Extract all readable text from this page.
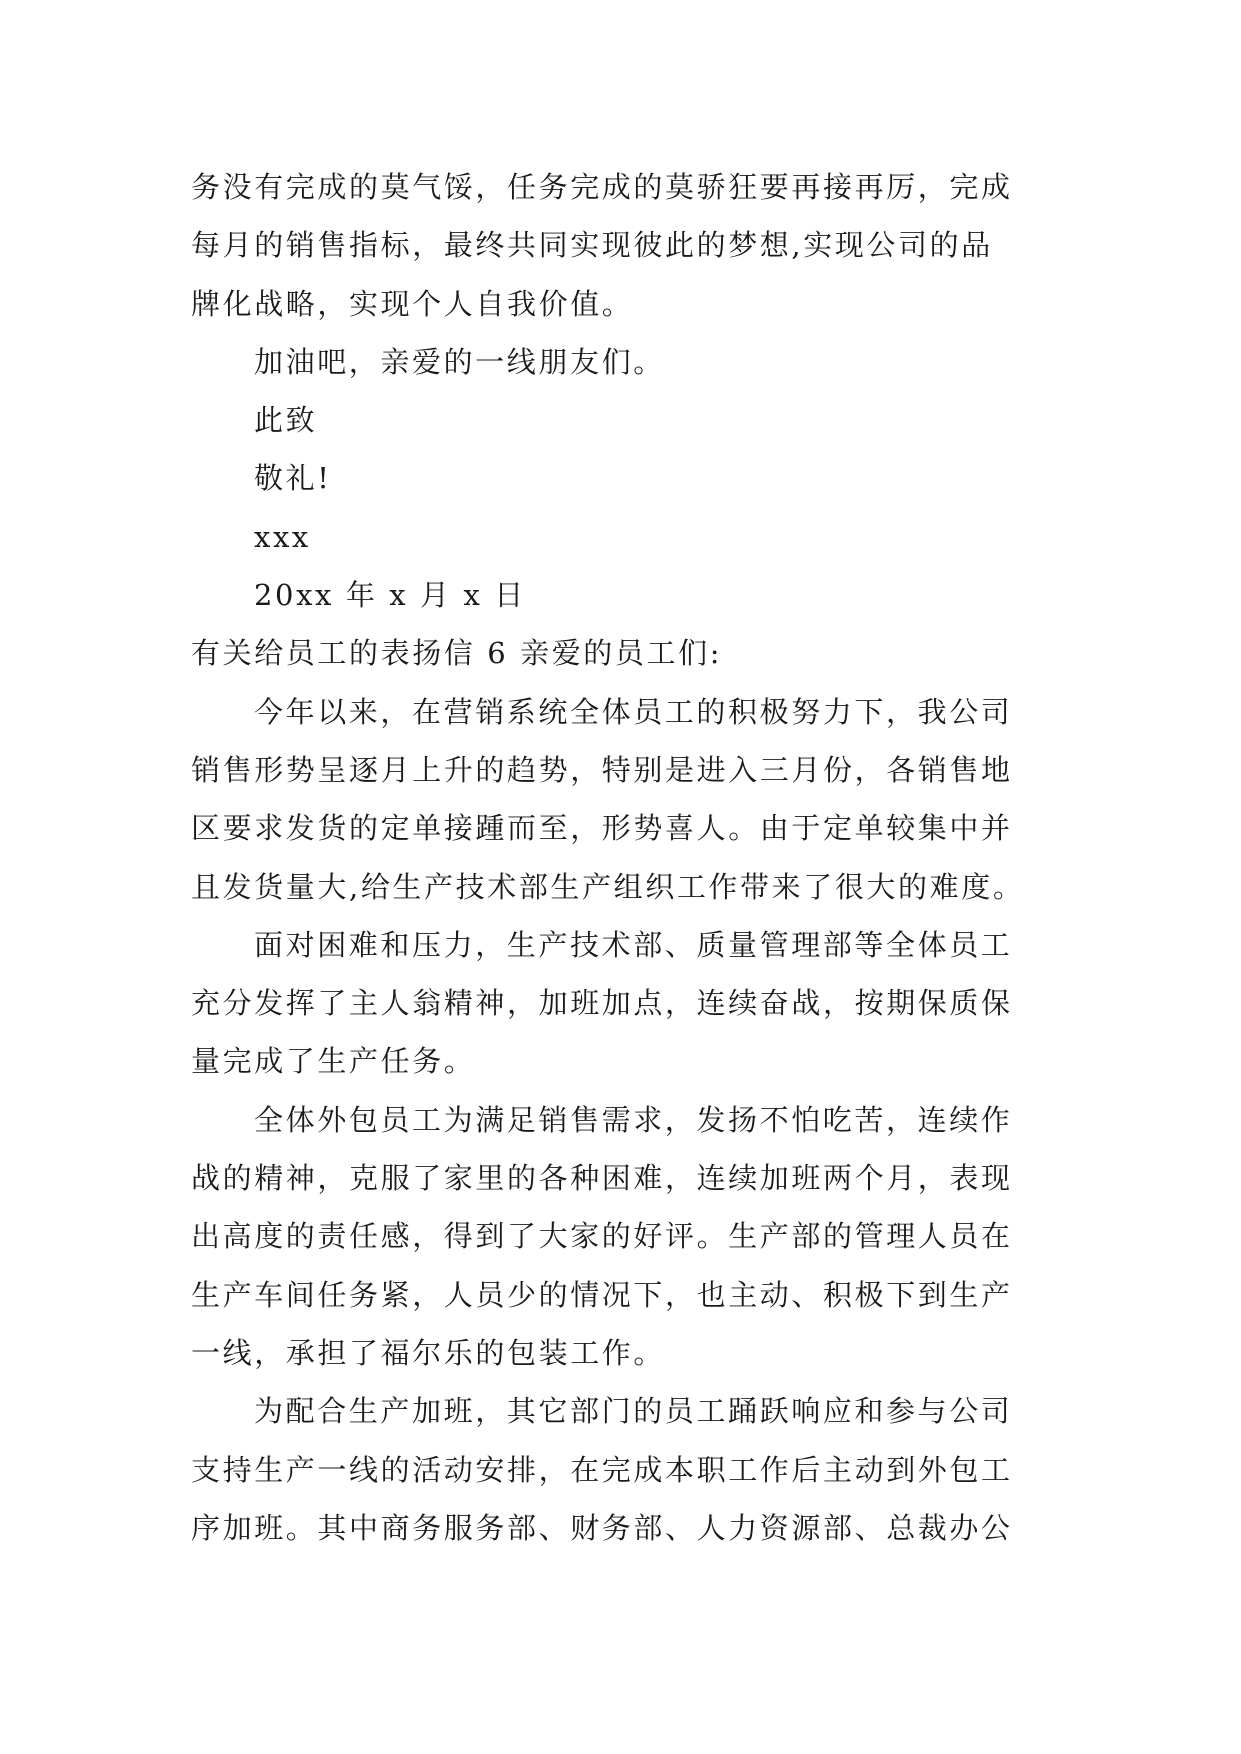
务没有完成的莫气馁，任务完成的莫骄狂要再接再厉，完成
每月的销售指标，最终共同实现彼此的梦想,实现公司的品
牌化战略，实现个人自我价值。
加油吧，亲爱的一线朋友们。
此致
敬礼!
xxx
20xx 年 x 月 x 日
有关给员工的表扬信 6 亲爱的员工们:
今年以来，在营销系统全体员工的积极努力下，我公司
销售形势呈逐月上升的趋势，特别是进入三月份，各销售地
区要求发货的定单接踵而至，形势喜人。由于定单较集中并
且发货量大,给生产技术部生产组织工作带来了很大的难度。
面对困难和压力，生产技术部、质量管理部等全体员工
充分发挥了主人翁精神，加班加点，连续奋战，按期保质保
量完成了生产任务。
全体外包员工为满足销售需求，发扬不怕吃苦，连续作
战的精神，克服了家里的各种困难，连续加班两个月，表现
出高度的责任感，得到了大家的好评。生产部的管理人员在
生产车间任务紧，人员少的情况下，也主动、积极下到生产
一线，承担了福尔乐的包装工作。
为配合生产加班，其它部门的员工踊跃响应和参与公司
支持生产一线的活动安排，在完成本职工作后主动到外包工
序加班。其中商务服务部、财务部、人力资源部、总裁办公
